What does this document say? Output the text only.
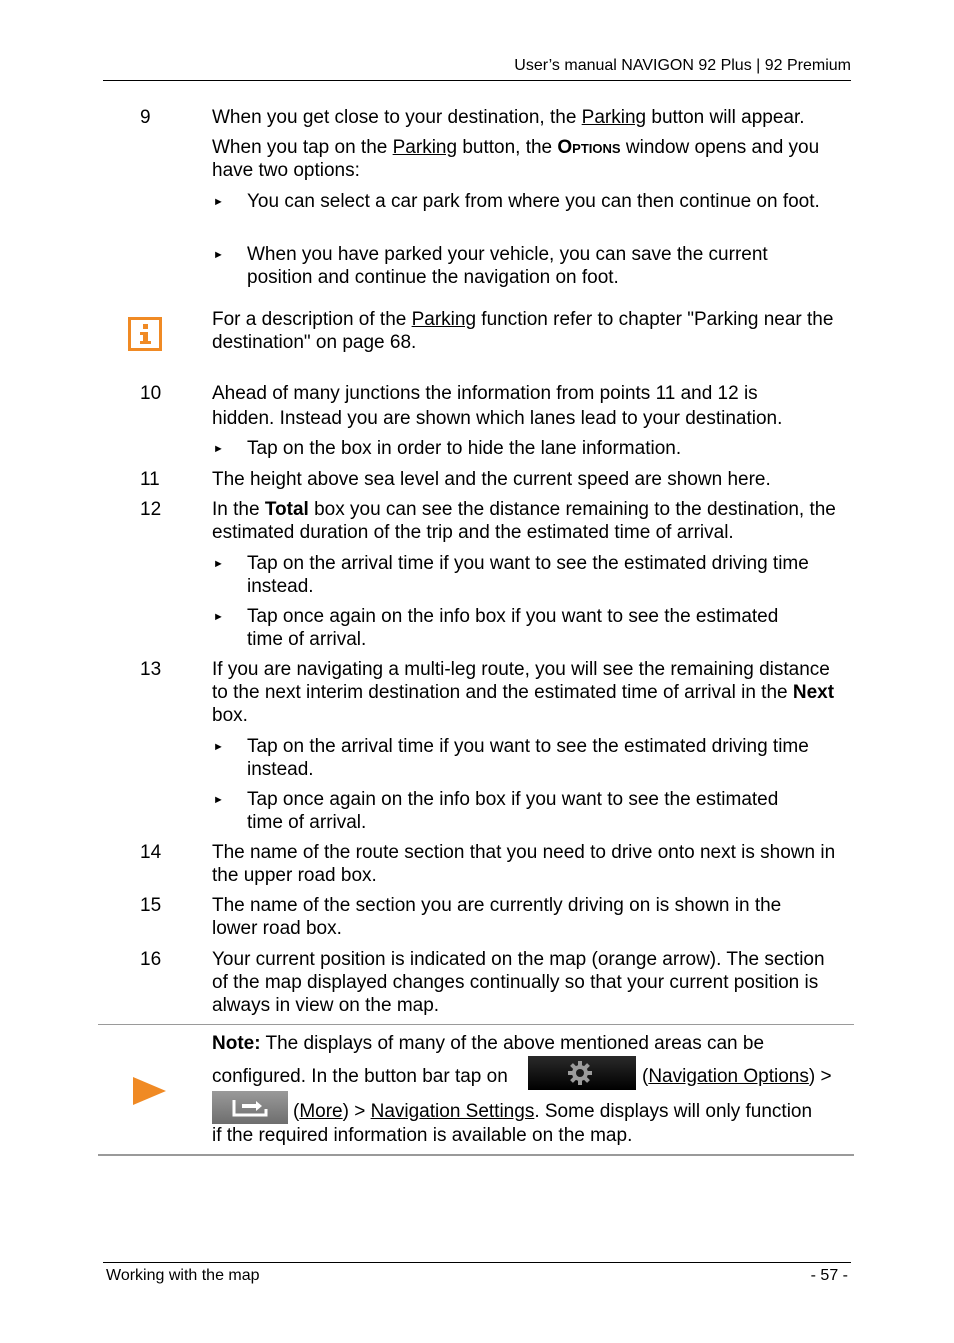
User’s manual NAVIGON 92 Plus | 92 Premium
9	When you get close to your destination, the Parking button will appear.
When you tap on the Parking button, the Options window opens and you have two options:
► You can select a car park from where you can then continue on foot.
► When you have parked your vehicle, you can save the current position and continue the navigation on foot.
For a description of the Parking function refer to chapter "Parking near the destination" on page 68.
10	Ahead of many junctions the information from points 11 and 12 is
hidden. Instead you are shown which lanes lead to your destination.
► Tap on the box in order to hide the lane information.
11	The height above sea level and the current speed are shown here.
12	In the Total box you can see the distance remaining to the destination, the estimated duration of the trip and the estimated time of arrival.
► Tap on the arrival time if you want to see the estimated driving time instead.
► Tap once again on the info box if you want to see the estimated time of arrival.
13	If you are navigating a multi-leg route, you will see the remaining distance to the next interim destination and the estimated time of arrival in the Next box.
► Tap on the arrival time if you want to see the estimated driving time instead.
► Tap once again on the info box if you want to see the estimated time of arrival.
14	The name of the route section that you need to drive onto next is shown in the upper road box.
15	The name of the section you are currently driving on is shown in the lower road box.
16	Your current position is indicated on the map (orange arrow). The section of the map displayed changes continually so that your current position is always in view on the map.
Note: The displays of many of the above mentioned areas can be
configured. In the button bar tap on	(Navigation Options) >
(More) > Navigation Settings. Some displays will only function
if the required information is available on the map.
Working with the map	- 57 -
